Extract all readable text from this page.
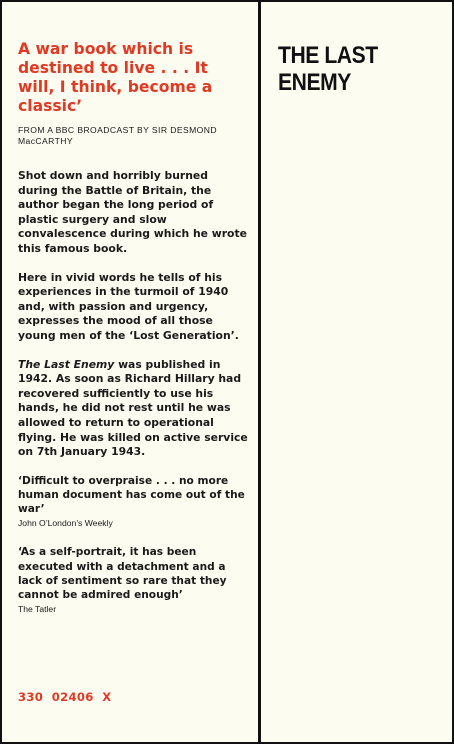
A war book which is destined to live . . . It will, I think, become a classic’

FROM A BBC BROADCAST BY SIR DESMOND MacCARTHY

Shot down and horribly burned during the Battle of Britain, the author began the long period of plastic surgery and slow convalescence during which he wrote this famous book.

Here in vivid words he tells of his experiences in the turmoil of 1940 and, with passion and urgency, expresses the mood of all those young men of the ‘Lost Generation’.

The Last Enemy was published in 1942. As soon as Richard Hillary had recovered sufficiently to use his hands, he did not rest until he was allowed to return to operational flying. He was killed on active service on 7th January 1943.

‘Difficult to overpraise . . . no more human document has come out of the war’

John O’London’s Weekly

‘As a self-portrait, it has been executed with a detachment and a lack of sentiment so rare that they cannot be admired enough’

The Tatler

330  02406  X
THE LAST
ENEMY
